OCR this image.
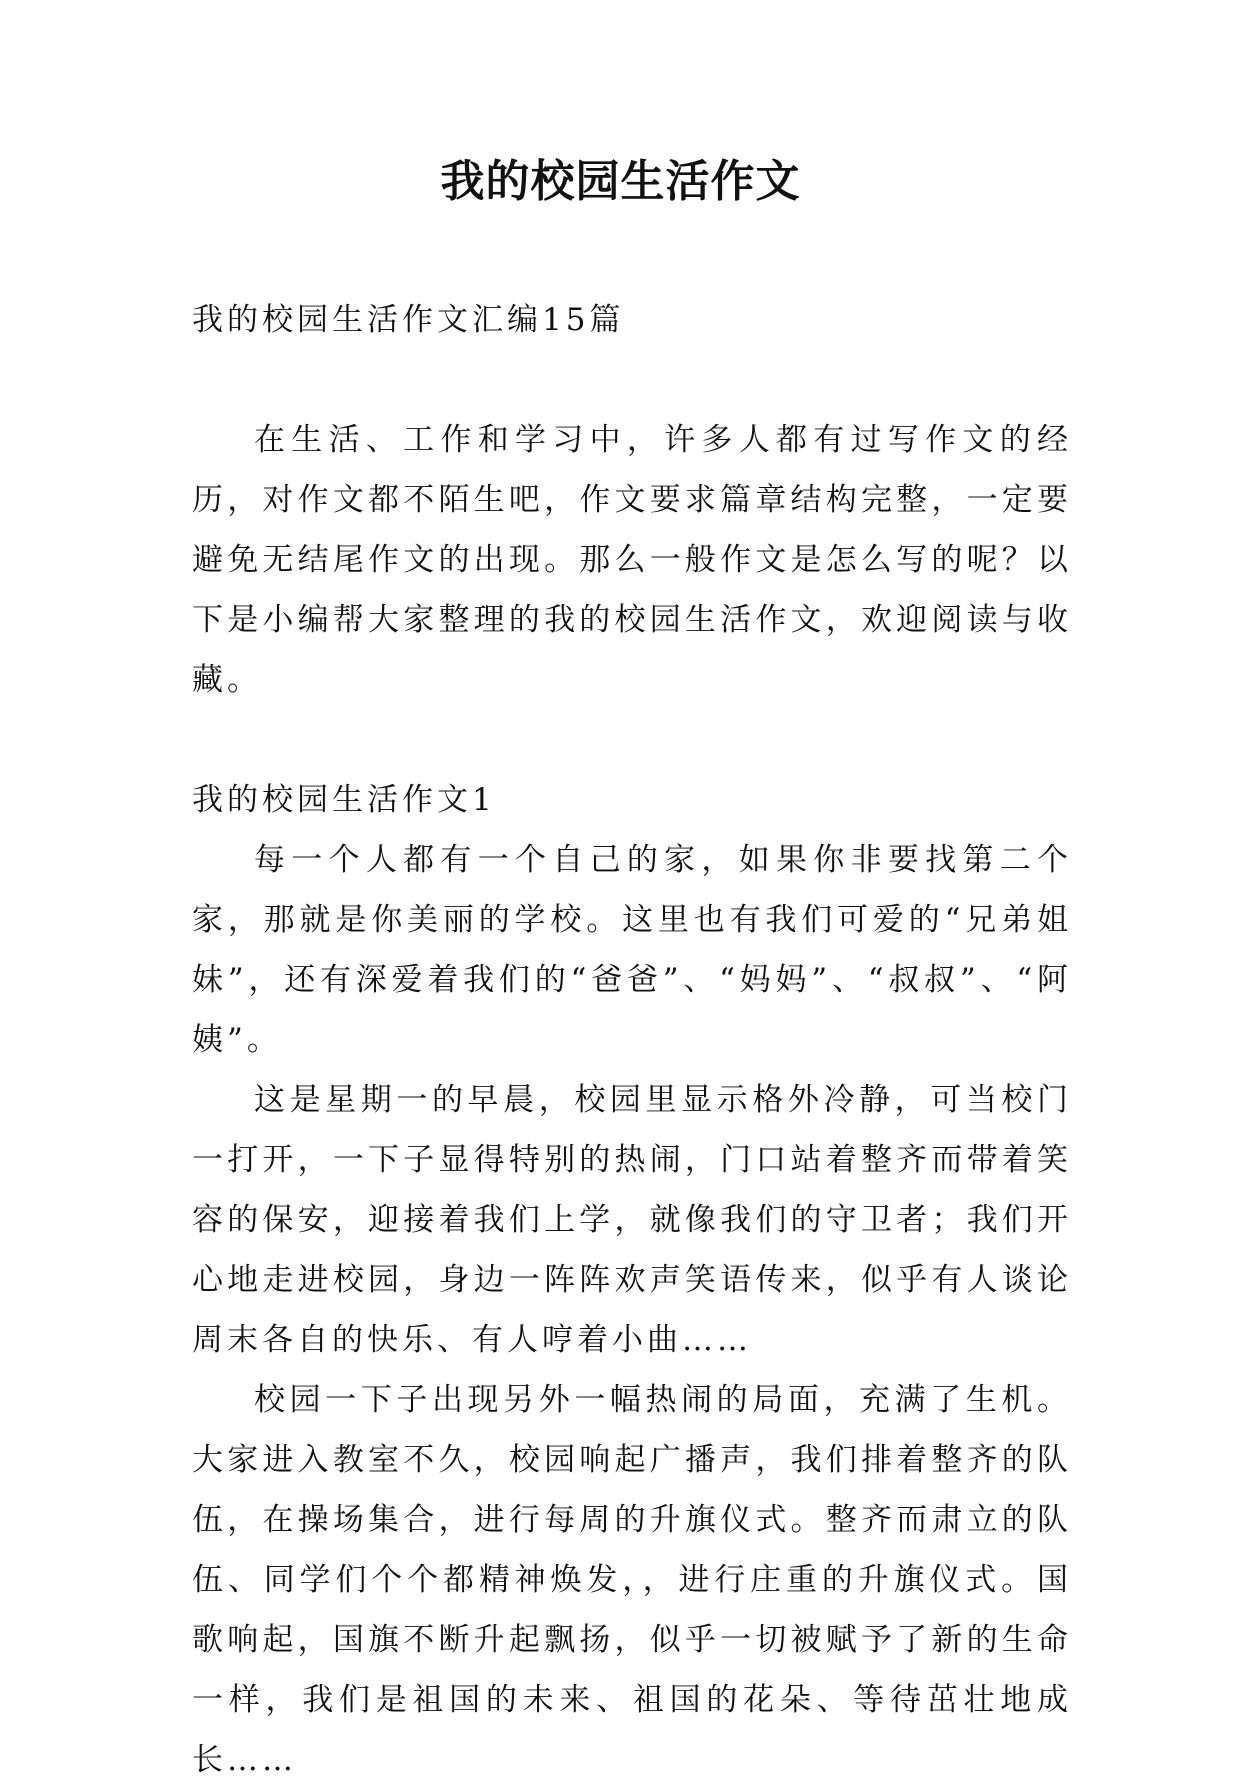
我的校园生活作文

我的校园生活作文汇编15篇

在生活、工作和学习中，许多人都有过写作文的经历，对作文都不陌生吧，作文要求篇章结构完整，一定要避免无结尾作文的出现。那么一般作文是怎么写的呢？以下是小编帮大家整理的我的校园生活作文，欢迎阅读与收藏。

我的校园生活作文1

每一个人都有一个自己的家，如果你非要找第二个家，那就是你美丽的学校。这里也有我们可爱的“兄弟姐妹”，还有深爱着我们的“爸爸”、“妈妈”、“叔叔”、“阿姨”。

这是星期一的早晨，校园里显示格外冷静，可当校门一打开，一下子显得特别的热闹，门口站着整齐而带着笑容的保安，迎接着我们上学，就像我们的守卫者；我们开心地走进校园，身边一阵阵欢声笑语传来，似乎有人谈论周末各自的快乐、有人哼着小曲……

校园一下子出现另外一幅热闹的局面，充满了生机。大家进入教室不久，校园响起广播声，我们排着整齐的队伍，在操场集合，进行每周的升旗仪式。整齐而肃立的队伍、同学们个个都精神焕发，，进行庄重的升旗仪式。国歌响起，国旗不断升起飘扬，似乎一切被赋予了新的生命一样，我们是祖国的未来、祖国的花朵、等待茁壮地成长……
